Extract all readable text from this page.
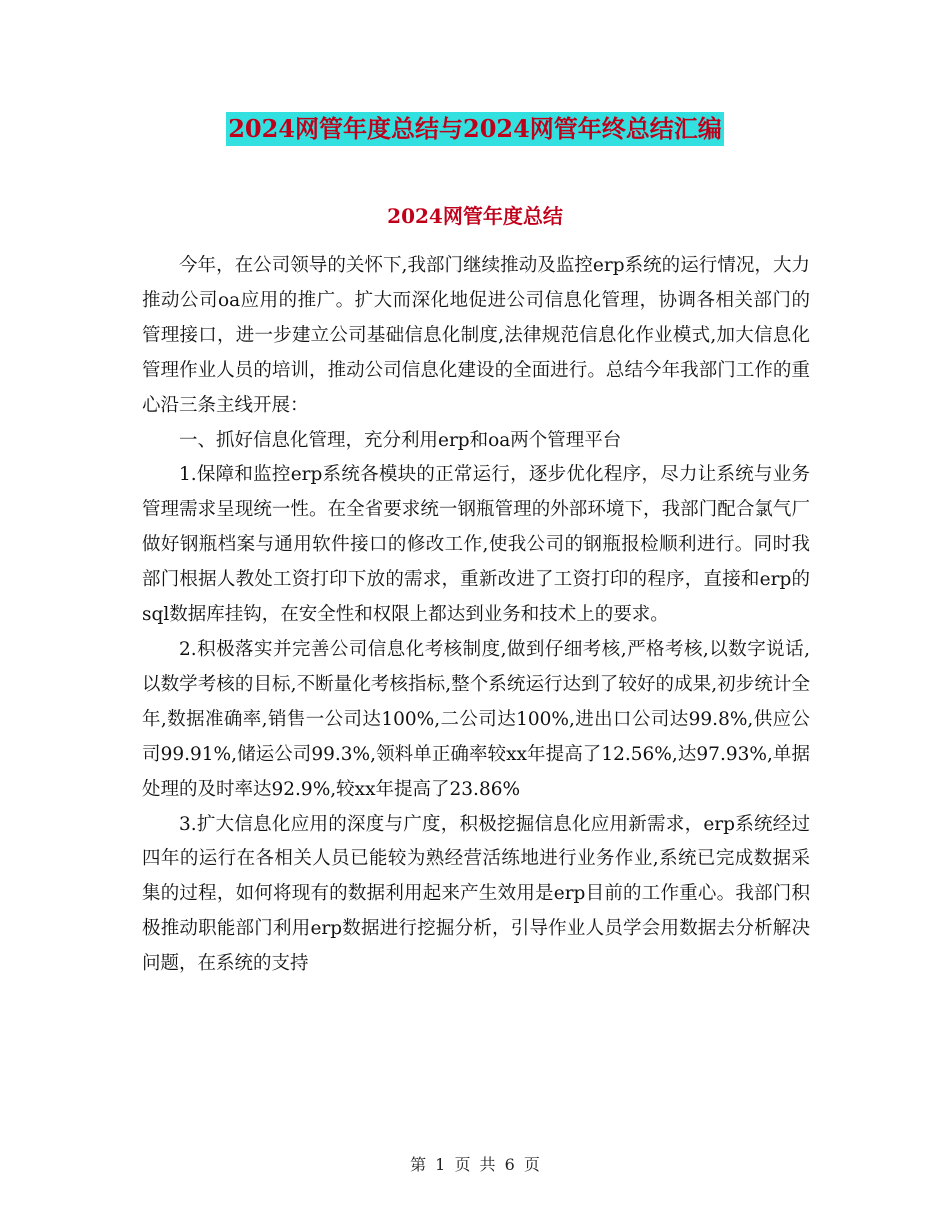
2024网管年度总结与2024网管年终总结汇编
2024网管年度总结

今年，在公司领导的关怀下,我部门继续推动及监控erp系统的运行情况，大力推动公司oa应用的推广。扩大而深化地促进公司信息化管理，协调各相关部门的管理接口，进一步建立公司基础信息化制度,法律规范信息化作业模式,加大信息化管理作业人员的培训，推动公司信息化建设的全面进行。总结今年我部门工作的重心沿三条主线开展：

一、抓好信息化管理，充分利用erp和oa两个管理平台

1.保障和监控erp系统各模块的正常运行，逐步优化程序，尽力让系统与业务管理需求呈现统一性。在全省要求统一钢瓶管理的外部环境下，我部门配合氯气厂做好钢瓶档案与通用软件接口的修改工作,使我公司的钢瓶报检顺利进行。同时我部门根据人教处工资打印下放的需求，重新改进了工资打印的程序，直接和erp的sql数据库挂钩，在安全性和权限上都达到业务和技术上的要求。

2.积极落实并完善公司信息化考核制度,做到仔细考核,严格考核,以数字说话,以数学考核的目标,不断量化考核指标,整个系统运行达到了较好的成果,初步统计全年,数据准确率,销售一公司达100%,二公司达100%,进出口公司达99.8%,供应公司99.91%,储运公司99.3%,领料单正确率较xx年提高了12.56%,达97.93%,单据处理的及时率达92.9%,较xx年提高了23.86%

3.扩大信息化应用的深度与广度，积极挖掘信息化应用新需求，erp系统经过四年的运行在各相关人员已能较为熟经营活练地进行业务作业,系统已完成数据采集的过程，如何将现有的数据利用起来产生效用是erp目前的工作重心。我部门积极推动职能部门利用erp数据进行挖掘分析，引导作业人员学会用数据去分析解决问题，在系统的支持

第 1 页 共 6 页
